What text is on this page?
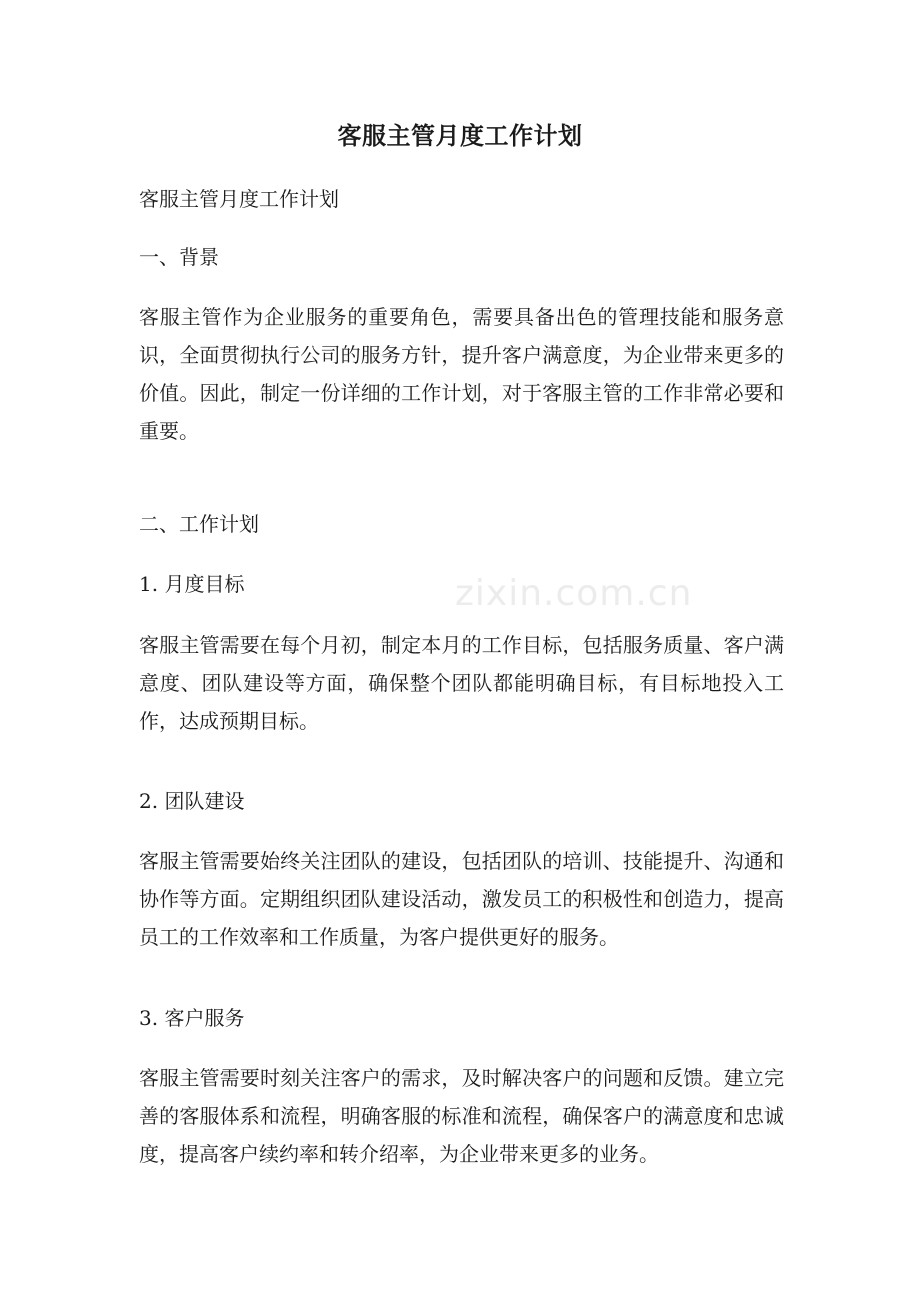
zixin.com.cn
客服主管月度工作计划

客服主管月度工作计划

一、背景

客服主管作为企业服务的重要角色，需要具备出色的管理技能和服务意识，全面贯彻执行公司的服务方针，提升客户满意度，为企业带来更多的价值。因此，制定一份详细的工作计划，对于客服主管的工作非常必要和重要。

二、工作计划

1. 月度目标

客服主管需要在每个月初，制定本月的工作目标，包括服务质量、客户满意度、团队建设等方面，确保整个团队都能明确目标，有目标地投入工作，达成预期目标。

2. 团队建设

客服主管需要始终关注团队的建设，包括团队的培训、技能提升、沟通和协作等方面。定期组织团队建设活动，激发员工的积极性和创造力，提高员工的工作效率和工作质量，为客户提供更好的服务。

3. 客户服务

客服主管需要时刻关注客户的需求，及时解决客户的问题和反馈。建立完善的客服体系和流程，明确客服的标准和流程，确保客户的满意度和忠诚度，提高客户续约率和转介绍率，为企业带来更多的业务。
